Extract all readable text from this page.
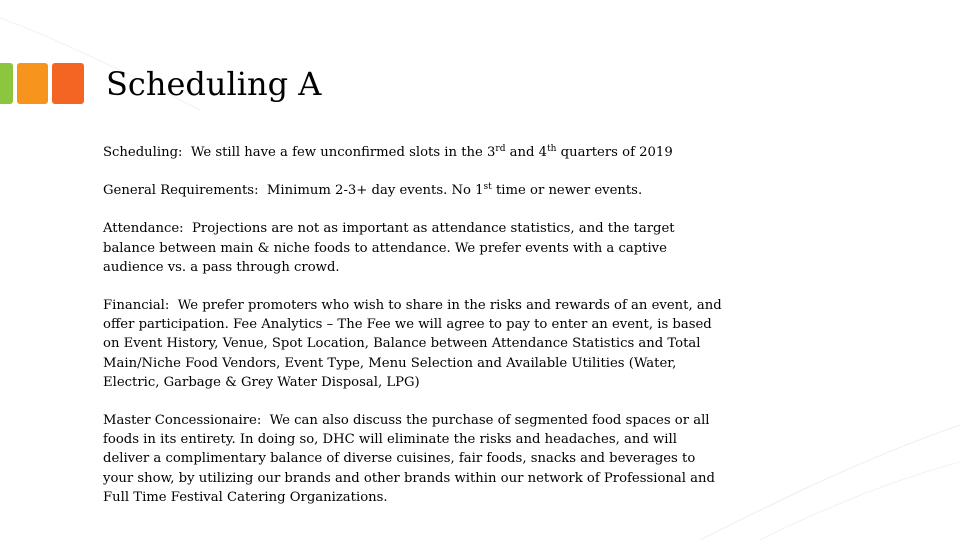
Scheduling A

Scheduling: We still have a few unconfirmed slots in the 3rd and 4th quarters of 2019

General Requirements: Minimum 2-3+ day events. No 1st time or newer events.

Attendance: Projections are not as important as attendance statistics, and the target balance between main & niche foods to attendance. We prefer events with a captive audience vs. a pass through crowd.

Financial: We prefer promoters who wish to share in the risks and rewards of an event, and offer participation. Fee Analytics – The Fee we will agree to pay to enter an event, is based on Event History, Venue, Spot Location, Balance between Attendance Statistics and Total Main/Niche Food Vendors, Event Type, Menu Selection and Available Utilities (Water, Electric, Garbage & Grey Water Disposal, LPG)

Master Concessionaire: We can also discuss the purchase of segmented food spaces or all foods in its entirety. In doing so, DHC will eliminate the risks and headaches, and will deliver a complimentary balance of diverse cuisines, fair foods, snacks and beverages to your show, by utilizing our brands and other brands within our network of Professional and Full Time Festival Catering Organizations.
